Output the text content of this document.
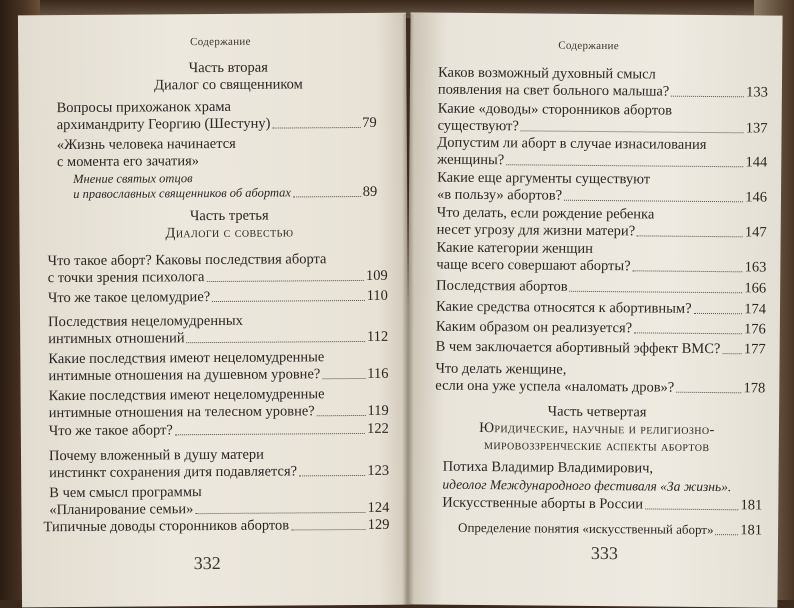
Содержание
Часть вторая
Диалог со священником
Вопросы прихожанок храма
архимандриту Георгию (Шестуну)	79
«Жизнь человека начинается
с момента его зачатия»
Мнение святых отцов
и православных священников об абортах	89
Часть третья
Диалоги с совестью
Что такое аборт? Каковы последствия аборта
с точки зрения психолога	109
Что же такое целомудрие?	110
Последствия нецеломудренных
интимных отношений	112
Какие последствия имеют нецеломудренные
интимные отношения на душевном уровне?	116
Какие последствия имеют нецеломудренные
интимные отношения на телесном уровне?	119
Что же такое аборт?	122
Почему вложенный в душу матери
инстинкт сохранения дитя подавляется?	123
В чем смысл программы
«Планирование семьи»	124
Типичные доводы сторонников абортов	129
332
Содержание
Каков возможный духовный смысл
появления на свет больного малыша?	133
Какие «доводы» сторонников абортов
существуют?	137
Допустим ли аборт в случае изнасилования
женщины?	144
Какие еще аргументы существуют
«в пользу» абортов?	146
Что делать, если рождение ребенка
несет угрозу для жизни матери?	147
Какие категории женщин
чаще всего совершают аборты?	163
Последствия абортов	166
Какие средства относятся к абортивным?	174
Каким образом он реализуется?	176
В чем заключается абортивный эффект ВМС? 177
Что делать женщине,
если она уже успела «наломать дров»?	178
Часть четвертая
Юридические, научные и религиозно-
мировоззренческие аспекты абортов
Потиха Владимир Владимирович,
идеолог Международного фестиваля «За жизнь».
Искусственные аборты в России	181
Определение понятия «искусственный аборт» 181
333
